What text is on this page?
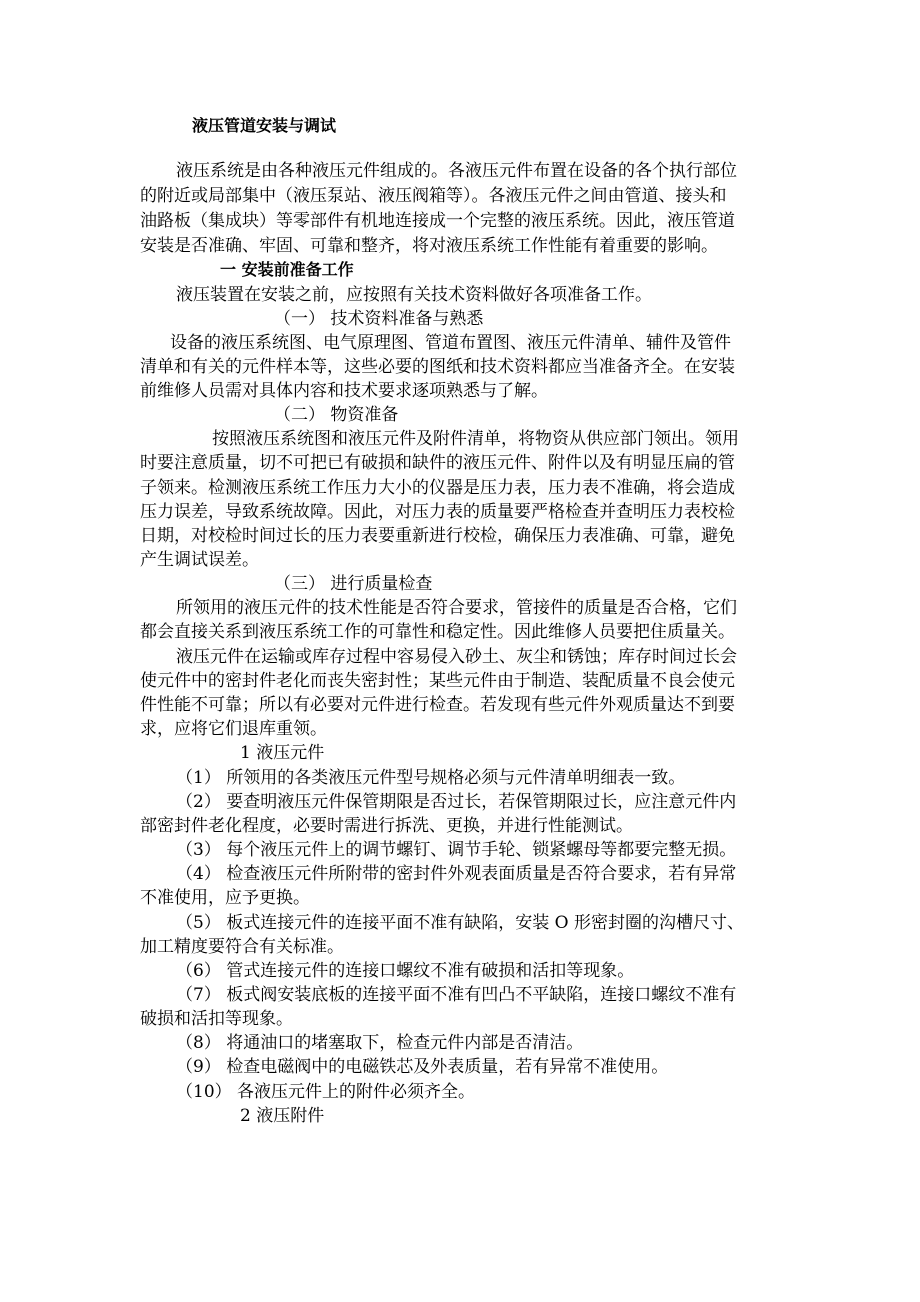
液压管道安装与调试
液压系统是由各种液压元件组成的。各液压元件布置在设备的各个执行部位
的附近或局部集中（液压泵站、液压阀箱等）。各液压元件之间由管道、接头和
油路板（集成块）等零部件有机地连接成一个完整的液压系统。因此，液压管道
安装是否准确、牢固、可靠和整齐，将对液压系统工作性能有着重要的影响。
一 安装前准备工作
液压装置在安装之前，应按照有关技术资料做好各项准备工作。
（一） 技术资料准备与熟悉
设备的液压系统图、电气原理图、管道布置图、液压元件清单、辅件及管件
清单和有关的元件样本等，这些必要的图纸和技术资料都应当准备齐全。在安装
前维修人员需对具体内容和技术要求逐项熟悉与了解。
（二） 物资准备
按照液压系统图和液压元件及附件清单，将物资从供应部门领出。领用
时要注意质量，切不可把已有破损和缺件的液压元件、附件以及有明显压扁的管
子领来。检测液压系统工作压力大小的仪器是压力表，压力表不准确，将会造成
压力误差，导致系统故障。因此，对压力表的质量要严格检查并查明压力表校检
日期，对校检时间过长的压力表要重新进行校检，确保压力表准确、可靠，避免
产生调试误差。
（三） 进行质量检查
所领用的液压元件的技术性能是否符合要求，管接件的质量是否合格，它们
都会直接关系到液压系统工作的可靠性和稳定性。因此维修人员要把住质量关。
液压元件在运输或库存过程中容易侵入砂土、灰尘和锈蚀；库存时间过长会
使元件中的密封件老化而丧失密封性；某些元件由于制造、装配质量不良会使元
件性能不可靠；所以有必要对元件进行检查。若发现有些元件外观质量达不到要
求，应将它们退库重领。
1 液压元件
（1） 所领用的各类液压元件型号规格必须与元件清单明细表一致。
（2） 要查明液压元件保管期限是否过长，若保管期限过长，应注意元件内
部密封件老化程度，必要时需进行拆洗、更换，并进行性能测试。
（3） 每个液压元件上的调节螺钉、调节手轮、锁紧螺母等都要完整无损。
（4） 检查液压元件所附带的密封件外观表面质量是否符合要求，若有异常
不准使用，应予更换。
（5） 板式连接元件的连接平面不准有缺陷，安装 O 形密封圈的沟槽尺寸、
加工精度要符合有关标准。
（6） 管式连接元件的连接口螺纹不准有破损和活扣等现象。
（7） 板式阀安装底板的连接平面不准有凹凸不平缺陷，连接口螺纹不准有
破损和活扣等现象。
（8） 将通油口的堵塞取下，检查元件内部是否清洁。
（9） 检查电磁阀中的电磁铁芯及外表质量，若有异常不准使用。
（10） 各液压元件上的附件必须齐全。
2 液压附件
